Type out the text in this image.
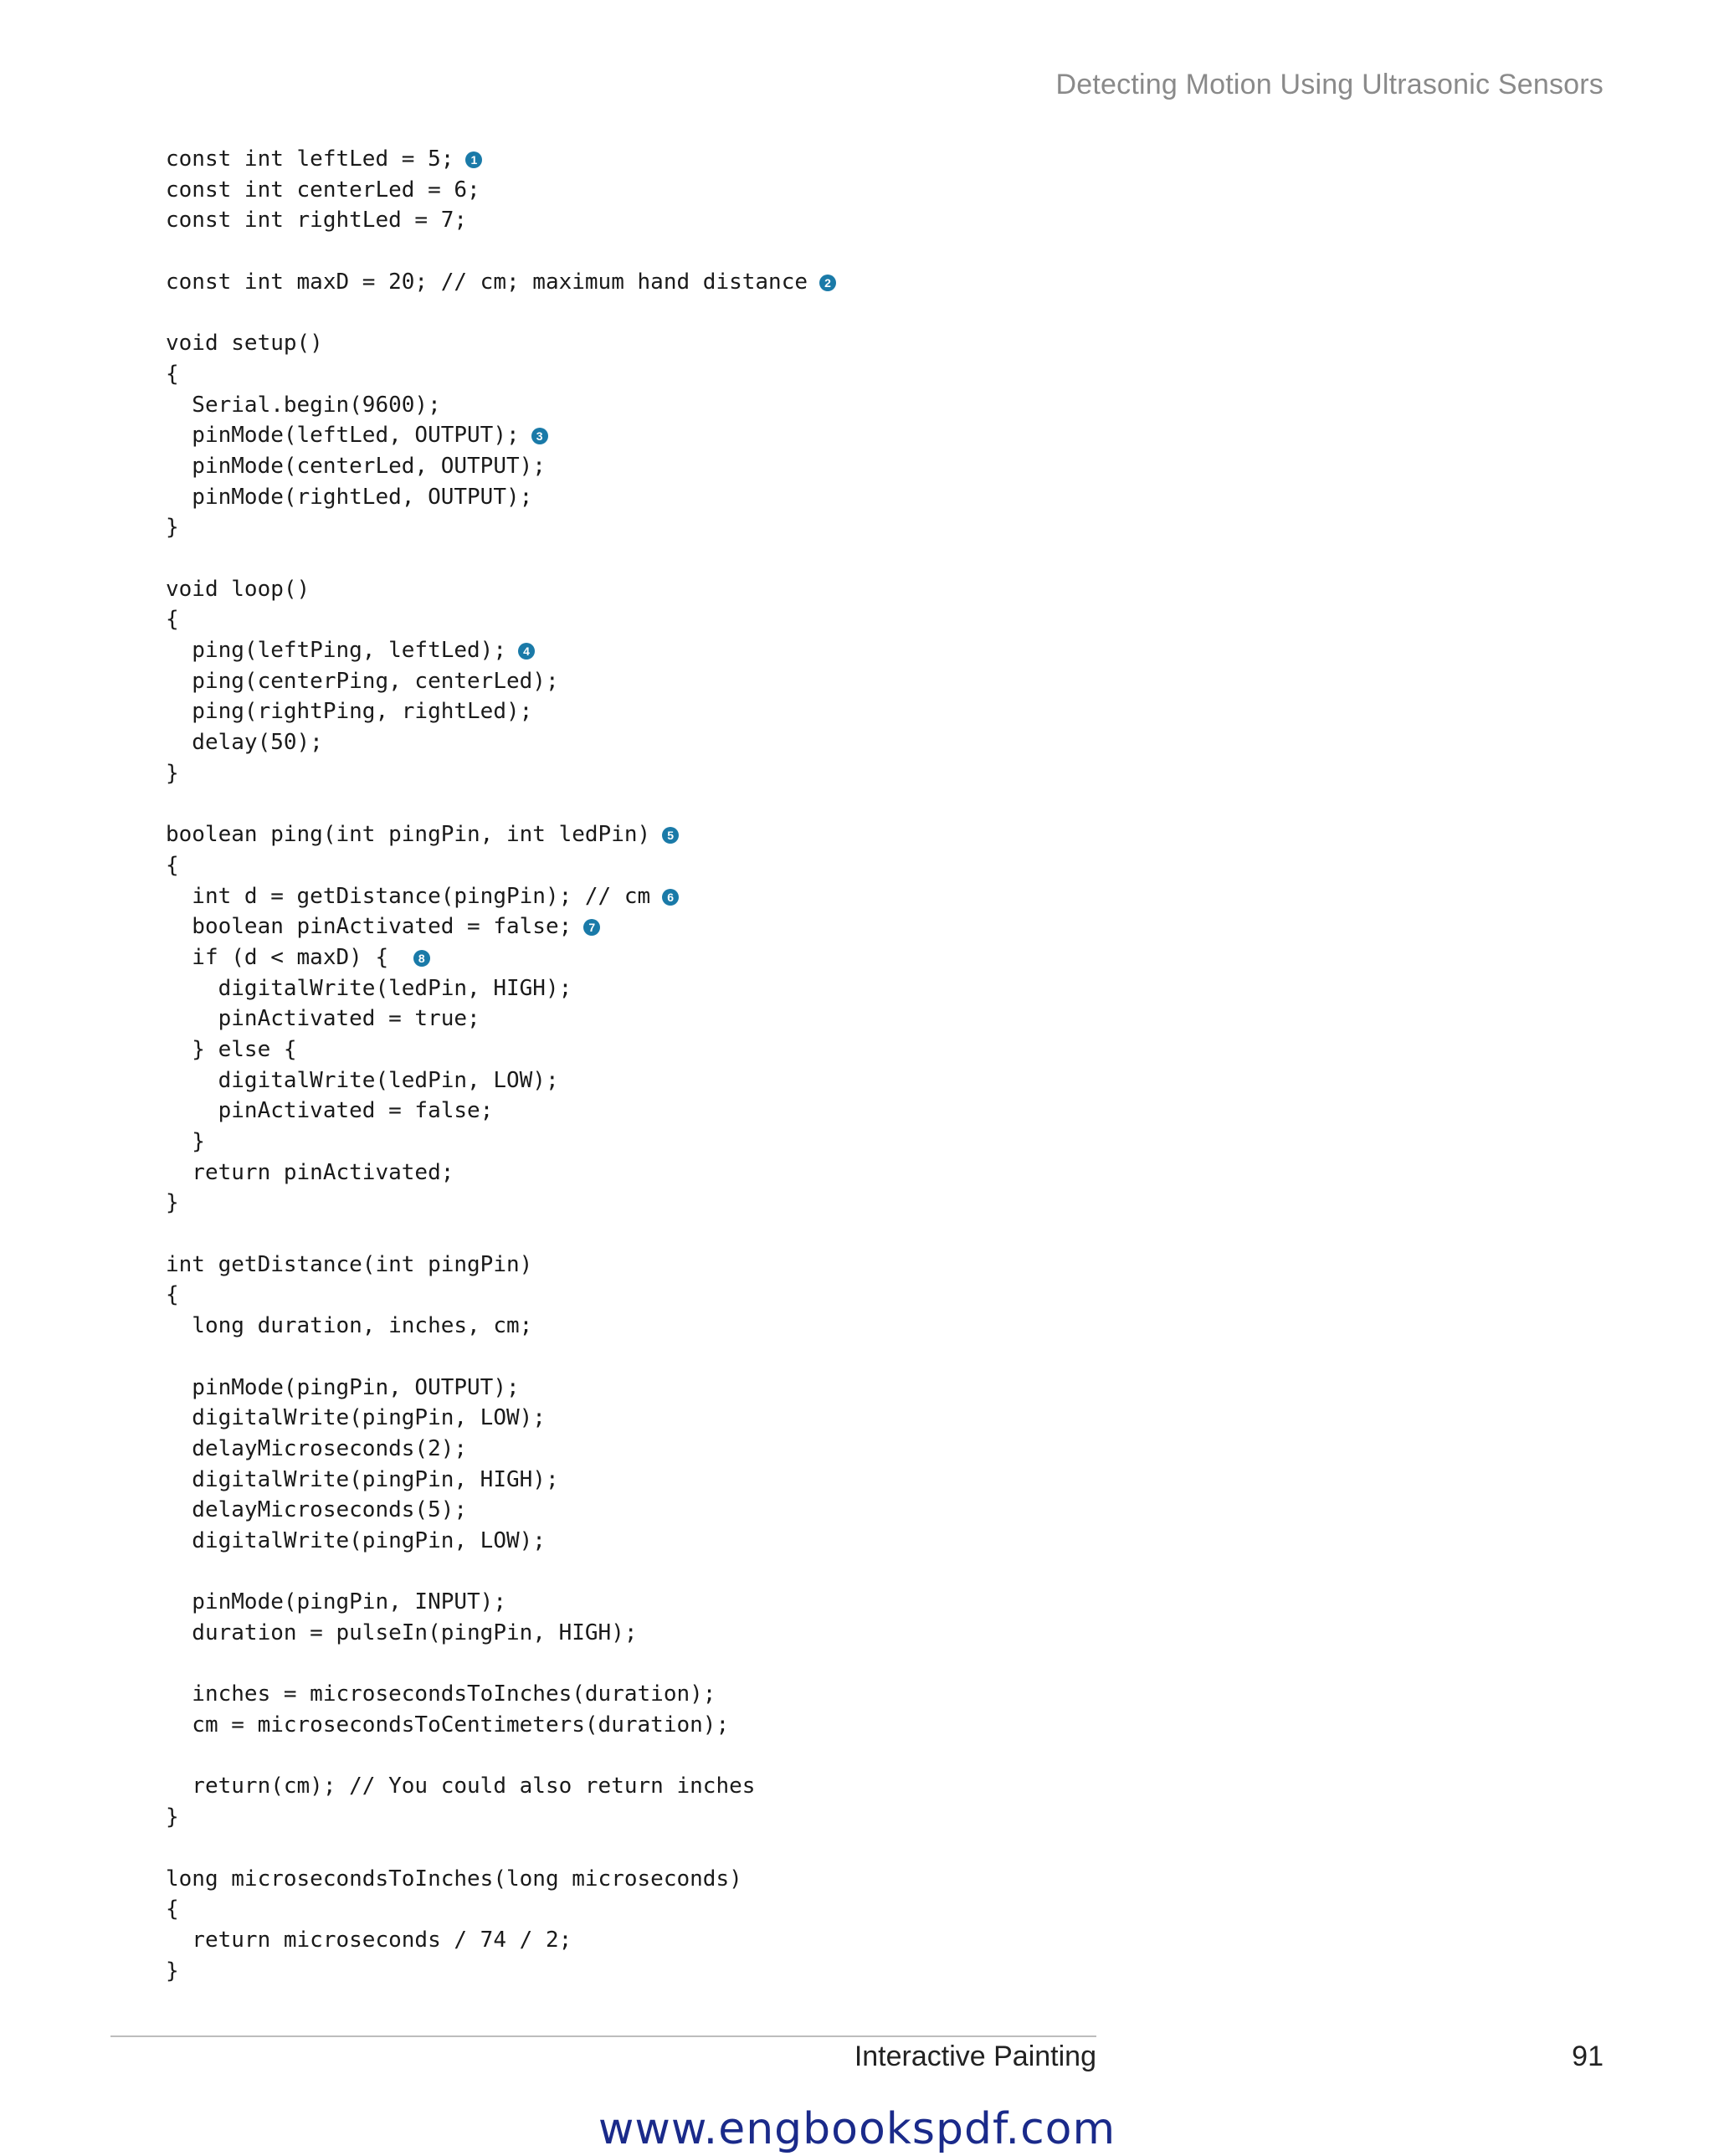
Detecting Motion Using Ultrasonic Sensors
const int leftLed = 5; 1
const int centerLed = 6;
const int rightLed = 7;
const int maxD = 20; // cm; maximum hand distance 2
void setup()
{
Serial.begin(9600);
pinMode(leftLed, OUTPUT); 3
pinMode(centerLed, OUTPUT);
pinMode(rightLed, OUTPUT);
}
void loop()
{
ping(leftPing, leftLed); 4
ping(centerPing, centerLed);
ping(rightPing, rightLed);
delay(50);
}
boolean ping(int pingPin, int ledPin) 5
{
int d = getDistance(pingPin); // cm 6
boolean pinActivated = false; 7
if (d < maxD) { 8
digitalWrite(ledPin, HIGH);
pinActivated = true;
} else {
digitalWrite(ledPin, LOW);
pinActivated = false;
}
return pinActivated;
}
int getDistance(int pingPin)
{
long duration, inches, cm;
pinMode(pingPin, OUTPUT);
digitalWrite(pingPin, LOW);
delayMicroseconds(2);
digitalWrite(pingPin, HIGH);
delayMicroseconds(5);
digitalWrite(pingPin, LOW);
pinMode(pingPin, INPUT);
duration = pulseIn(pingPin, HIGH);
inches = microsecondsToInches(duration);
cm = microsecondsToCentimeters(duration);
return(cm); // You could also return inches
}
long microsecondsToInches(long microseconds)
{
return microseconds / 74 / 2;
}
Interactive Painting	91
www.engbookspdf.com
